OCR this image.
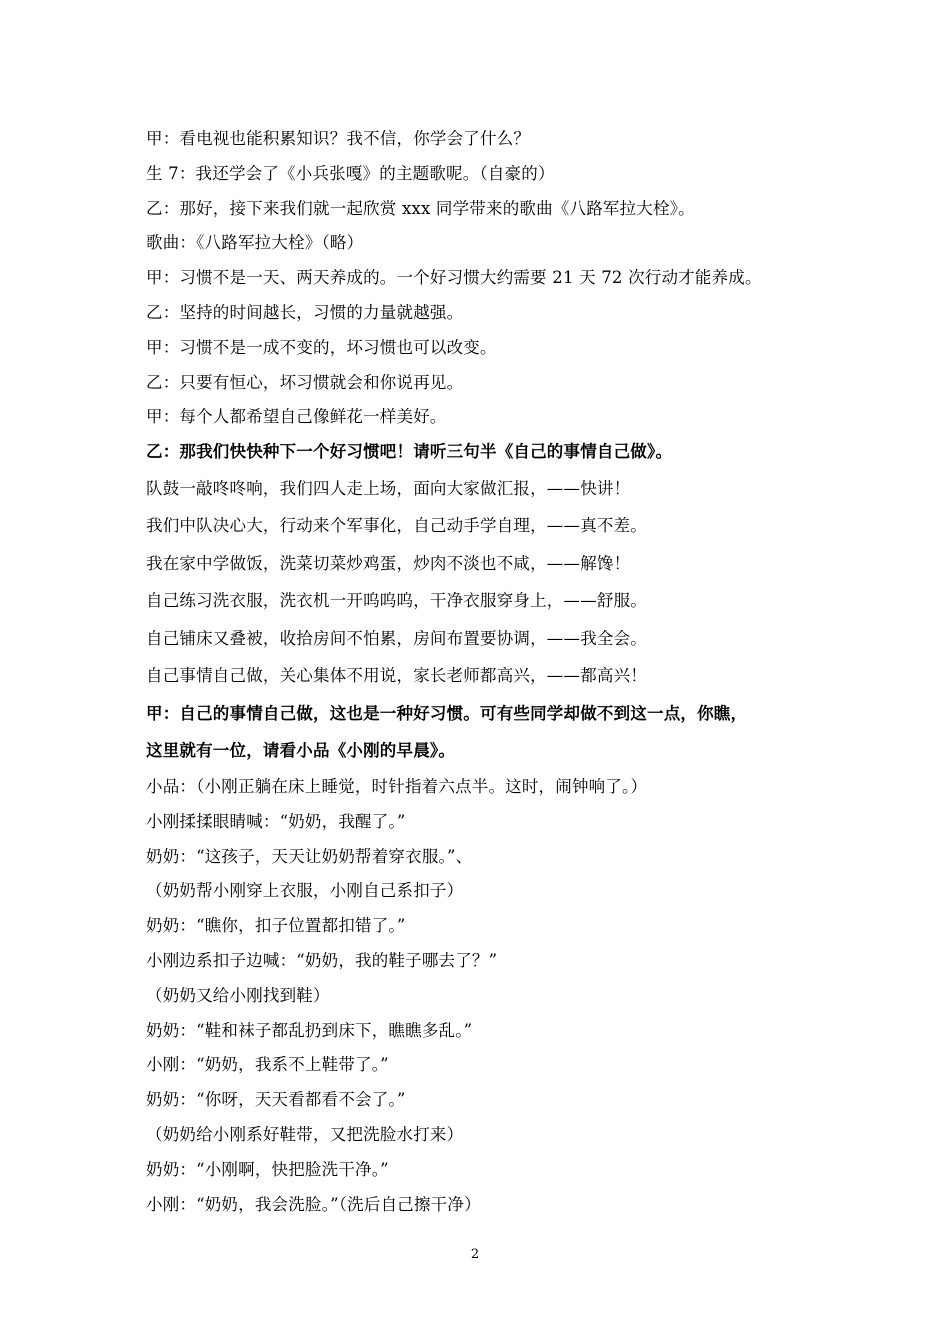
甲：看电视也能积累知识？我不信，你学会了什么？
生 7：我还学会了《小兵张嘎》的主题歌呢。（自豪的）
乙：那好，接下来我们就一起欣赏 xxx 同学带来的歌曲《八路军拉大栓》。
歌曲：《八路军拉大栓》（略）
甲：习惯不是一天、两天养成的。一个好习惯大约需要 21 天 72 次行动才能养成。
乙：坚持的时间越长，习惯的力量就越强。
甲：习惯不是一成不变的，坏习惯也可以改变。
乙：只要有恒心，坏习惯就会和你说再见。
甲：每个人都希望自己像鲜花一样美好。
乙：那我们快快种下一个好习惯吧！请听三句半《自己的事情自己做》。
队鼓一敲咚咚响，我们四人走上场，面向大家做汇报，——快讲！
我们中队决心大，行动来个军事化，自己动手学自理，——真不差。
我在家中学做饭，洗菜切菜炒鸡蛋，炒肉不淡也不咸，——解馋！
自己练习洗衣服，洗衣机一开呜呜呜，干净衣服穿身上，——舒服。
自己铺床又叠被，收拾房间不怕累，房间布置要协调，——我全会。
自己事情自己做，关心集体不用说，家长老师都高兴，——都高兴！
甲：自己的事情自己做，这也是一种好习惯。可有些同学却做不到这一点，你瞧，
这里就有一位，请看小品《小刚的早晨》。
小品：（小刚正躺在床上睡觉，时针指着六点半。这时，闹钟响了。）
小刚揉揉眼睛喊：“奶奶，我醒了。”
奶奶：“这孩子，天天让奶奶帮着穿衣服。”、
（奶奶帮小刚穿上衣服，小刚自己系扣子）
奶奶：“瞧你，扣子位置都扣错了。”
小刚边系扣子边喊：“奶奶，我的鞋子哪去了？”
（奶奶又给小刚找到鞋）
奶奶：“鞋和袜子都乱扔到床下，瞧瞧多乱。”
小刚：“奶奶，我系不上鞋带了。”
奶奶：“你呀，天天看都看不会了。”
（奶奶给小刚系好鞋带，又把洗脸水打来）
奶奶：“小刚啊，快把脸洗干净。”
小刚：“奶奶，我会洗脸。”（洗后自己擦干净）
2
